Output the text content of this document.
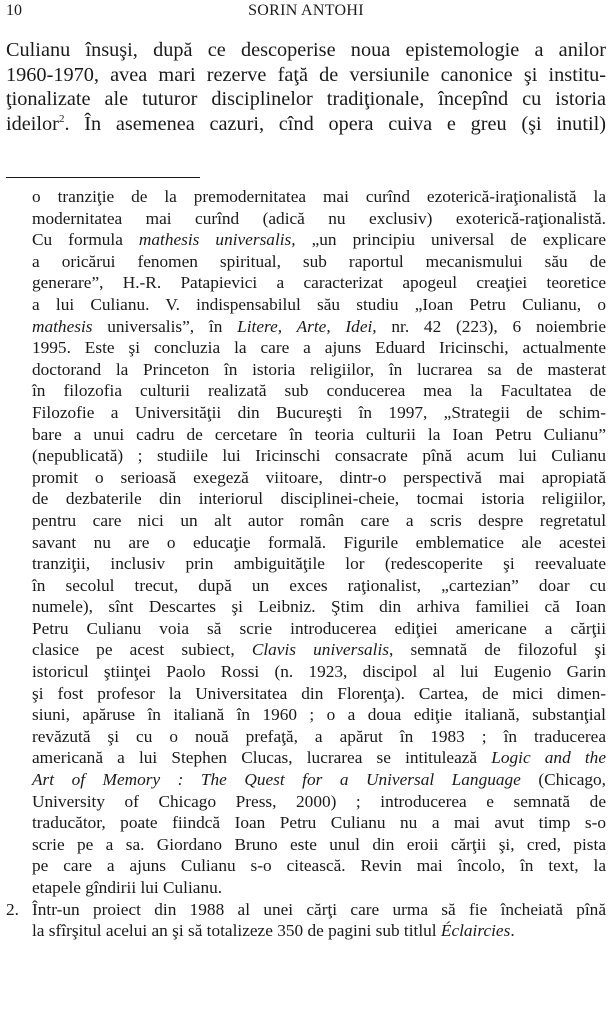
10	SORIN ANTOHI
Culianu însuşi, după ce descoperise noua epistemologie a anilor
1960-1970, avea mari rezerve faţă de versiunile canonice şi institu-
ţionalizate ale tuturor disciplinelor tradiţionale, începînd cu istoria
ideilor$^2$. În asemenea cazuri, cînd opera cuiva e greu (şi inutil)
o tranziţie de la premodernitatea mai curînd ezoterică-iraţionalistă la
modernitatea mai curînd (adică nu exclusiv) exoterică-raţionalistă.
Cu formula mathesis universalis, „un principiu universal de explicare
a oricărui fenomen spiritual, sub raportul mecanismului său de
generare”, H.-R. Patapievici a caracterizat apogeul creaţiei teoretice
a lui Culianu. V. indispensabilul său studiu „Ioan Petru Culianu, o
mathesis universalis”, în Litere, Arte, Idei, nr. 42 (223), 6 noiembrie
1995. Este şi concluzia la care a ajuns Eduard Iricinschi, actualmente
doctorand la Princeton în istoria religiilor, în lucrarea sa de masterat
în filozofia culturii realizată sub conducerea mea la Facultatea de
Filozofie a Universităţii din Bucureşti în 1997, „Strategii de schim-
bare a unui cadru de cercetare în teoria culturii la Ioan Petru Culianu”
(nepublicată) ; studiile lui Iricinschi consacrate pînă acum lui Culianu
promit o serioasă exegeză viitoare, dintr-o perspectivă mai apropiată
de dezbaterile din interiorul disciplinei-cheie, tocmai istoria religiilor,
pentru care nici un alt autor român care a scris despre regretatul
savant nu are o educaţie formală. Figurile emblematice ale acestei
tranziţii, inclusiv prin ambiguităţile lor (redescoperite şi reevaluate
în secolul trecut, după un exces raţionalist, „cartezian” doar cu
numele), sînt Descartes şi Leibniz. Ştim din arhiva familiei că Ioan
Petru Culianu voia să scrie introducerea ediţiei americane a cărţii
clasice pe acest subiect, Clavis universalis, semnată de filozoful şi
istoricul ştiinţei Paolo Rossi (n. 1923, discipol al lui Eugenio Garin
şi fost profesor la Universitatea din Florenţa). Cartea, de mici dimen-
siuni, apăruse în italiană în 1960 ; o a doua ediţie italiană, substanţial
revăzută şi cu o nouă prefaţă, a apărut în 1983 ; în traducerea
americană a lui Stephen Clucas, lucrarea se intitulează Logic and the
Art of Memory : The Quest for a Universal Language (Chicago,
University of Chicago Press, 2000) ; introducerea e semnată de
traducător, poate fiindcă Ioan Petru Culianu nu a mai avut timp s-o
scrie pe a sa. Giordano Bruno este unul din eroii cărţii şi, cred, pista
pe care a ajuns Culianu s-o citească. Revin mai încolo, în text, la
etapele gîndirii lui Culianu.
2. Într-un proiect din 1988 al unei cărţi care urma să fie încheiată pînă
la sfîrşitul acelui an şi să totalizeze 350 de pagini sub titlul Éclaircies.
